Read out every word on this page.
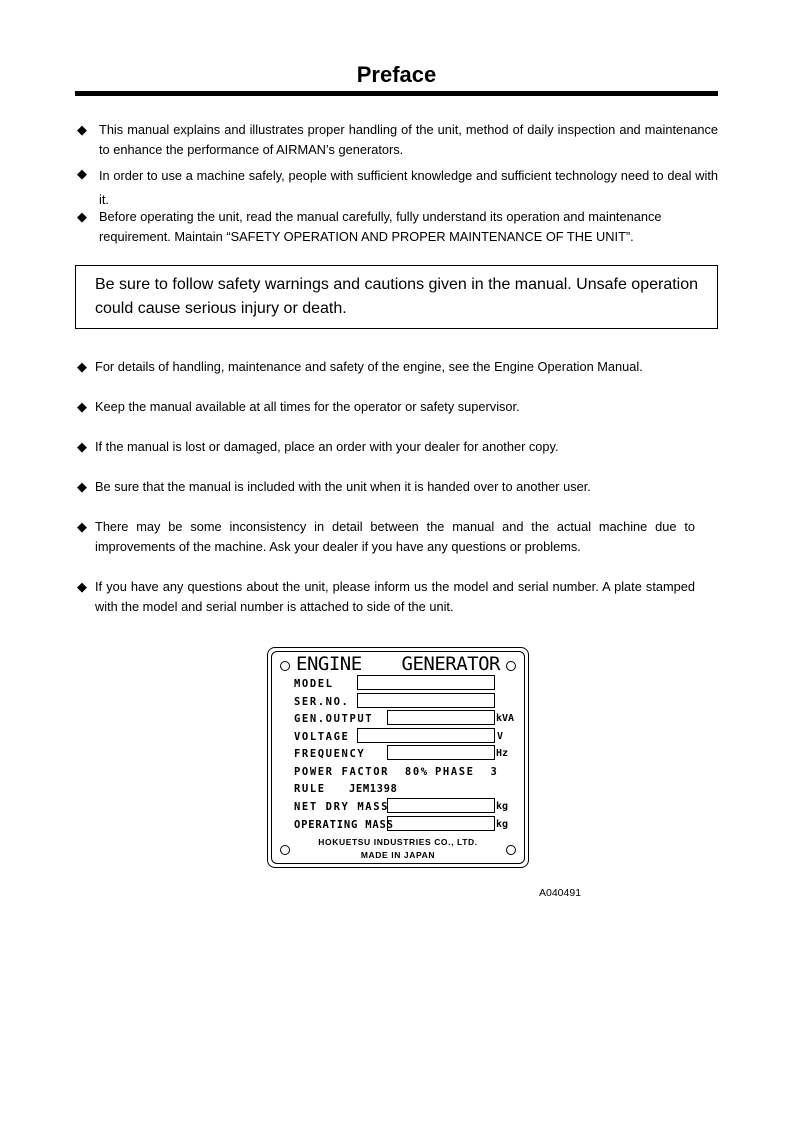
Preface
◆ This manual explains and illustrates proper handling of the unit, method of daily inspection and maintenance to enhance the performance of AIRMAN’s generators.
◆ In order to use a machine safely, people with sufficient knowledge and sufficient technology need to deal with it.
◆ Before operating the unit, read the manual carefully, fully understand its operation and maintenance requirement. Maintain “SAFETY OPERATION AND PROPER MAINTENANCE OF THE UNIT”.
Be sure to follow safety warnings and cautions given in the manual. Unsafe operation could cause serious injury or death.
◆ For details of handling, maintenance and safety of the engine, see the Engine Operation Manual.
◆ Keep the manual available at all times for the operator or safety supervisor.
◆ If the manual is lost or damaged, place an order with your dealer for another copy.
◆ Be sure that the manual is included with the unit when it is handed over to another user.
◆ There may be some inconsistency in detail between the manual and the actual machine due to improvements of the machine. Ask your dealer if you have any questions or problems.
◆ If you have any questions about the unit, please inform us the model and serial number. A plate stamped with the model and serial number is attached to side of the unit.
ENGINE GENERATOR
MODEL
SER.NO.
GEN.OUTPUT	kVA
VOLTAGE	V
FREQUENCY	Hz
POWER FACTOR  80% PHASE  3
RULE JEM1398
NET DRY MASS	kg
OPERATING MASS	kg
HOKUETSU INDUSTRIES CO., LTD.
MADE IN JAPAN
A040491
